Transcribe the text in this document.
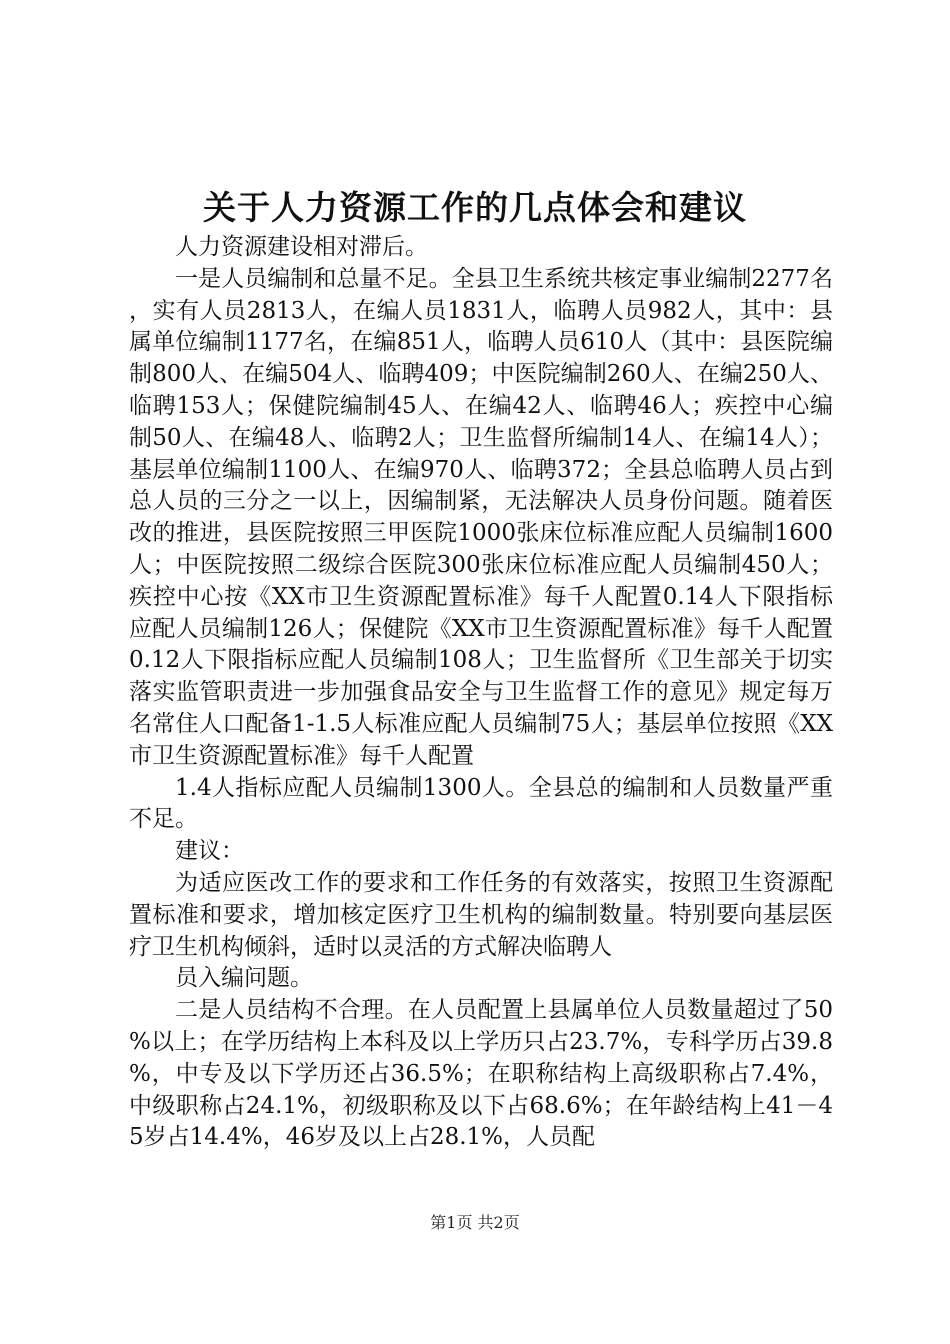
关于人力资源工作的几点体会和建议

人力资源建设相对滞后。

一是人员编制和总量不足。全县卫生系统共核定事业编制2277名，实有人员2813人，在编人员1831人，临聘人员982人，其中：县属单位编制1177名，在编851人，临聘人员610人（其中：县医院编制800人、在编504人、临聘409；中医院编制260人、在编250人、临聘153人；保健院编制45人、在编42人、临聘46人；疾控中心编制50人、在编48人、临聘2人；卫生监督所编制14人、在编14人）；基层单位编制1100人、在编970人、临聘372；全县总临聘人员占到总人员的三分之一以上，因编制紧，无法解决人员身份问题。随着医改的推进，县医院按照三甲医院1000张床位标准应配人员编制1600人；中医院按照二级综合医院300张床位标准应配人员编制450人；疾控中心按《XX市卫生资源配置标准》每千人配置0.14人下限指标应配人员编制126人；保健院《XX市卫生资源配置标准》每千人配置0.12人下限指标应配人员编制108人；卫生监督所《卫生部关于切实落实监管职责进一步加强食品安全与卫生监督工作的意见》规定每万名常住人口配备1-1.5人标准应配人员编制75人；基层单位按照《XX市卫生资源配置标准》每千人配置

1.4人指标应配人员编制1300人。全县总的编制和人员数量严重不足。

建议：

为适应医改工作的要求和工作任务的有效落实，按照卫生资源配置标准和要求，增加核定医疗卫生机构的编制数量。特别要向基层医疗卫生机构倾斜，适时以灵活的方式解决临聘人

员入编问题。

二是人员结构不合理。在人员配置上县属单位人员数量超过了50%以上；在学历结构上本科及以上学历只占23.7%，专科学历占39.8%，中专及以下学历还占36.5%；在职称结构上高级职称占7.4%，中级职称占24.1%，初级职称及以下占68.6%；在年龄结构上41－45岁占14.4%，46岁及以上占28.1%，人员配

第1页 共2页
